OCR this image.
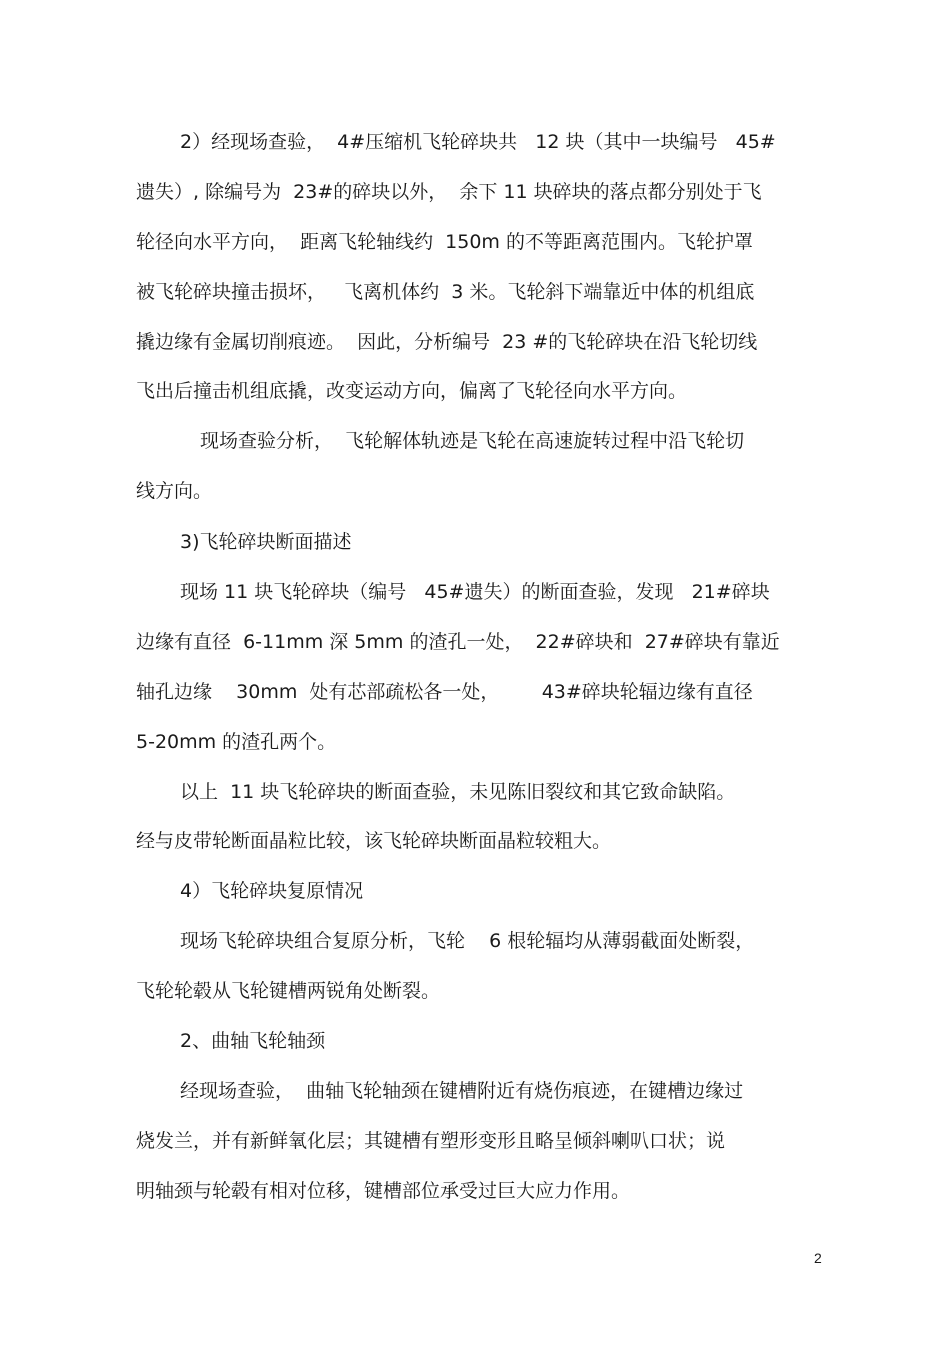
2）经现场查验，  4#压缩机飞轮碎块共   12 块（其中一块编号   45#
遗失）, 除编号为  23#的碎块以外，  余下 11 块碎块的落点都分别处于飞
轮径向水平方向，  距离飞轮轴线约  150m 的不等距离范围内。飞轮护罩
被飞轮碎块撞击损坏，   飞离机体约  3 米。飞轮斜下端靠近中体的机组底
撬边缘有金属切削痕迹。  因此，分析编号  23 #的飞轮碎块在沿飞轮切线
飞出后撞击机组底撬，改变运动方向，偏离了飞轮径向水平方向。
现场查验分析，  飞轮解体轨迹是飞轮在高速旋转过程中沿飞轮切
线方向。
3)飞轮碎块断面描述
现场 11 块飞轮碎块（编号   45#遗失）的断面查验，发现   21#碎块
边缘有直径  6-11mm 深 5mm 的渣孔一处，  22#碎块和  27#碎块有靠近
轴孔边缘    30mm  处有芯部疏松各一处，       43#碎块轮辐边缘有直径
5-20mm 的渣孔两个。
以上  11 块飞轮碎块的断面查验，未见陈旧裂纹和其它致命缺陷。
经与皮带轮断面晶粒比较，该飞轮碎块断面晶粒较粗大。
4）飞轮碎块复原情况
现场飞轮碎块组合复原分析，飞轮    6 根轮辐均从薄弱截面处断裂，
飞轮轮毂从飞轮键槽两锐角处断裂。
2、曲轴飞轮轴颈
经现场查验，  曲轴飞轮轴颈在键槽附近有烧伤痕迹，在键槽边缘过
烧发兰，并有新鲜氧化层；其键槽有塑形变形且略呈倾斜喇叭口状；说
明轴颈与轮毂有相对位移，键槽部位承受过巨大应力作用。
2
